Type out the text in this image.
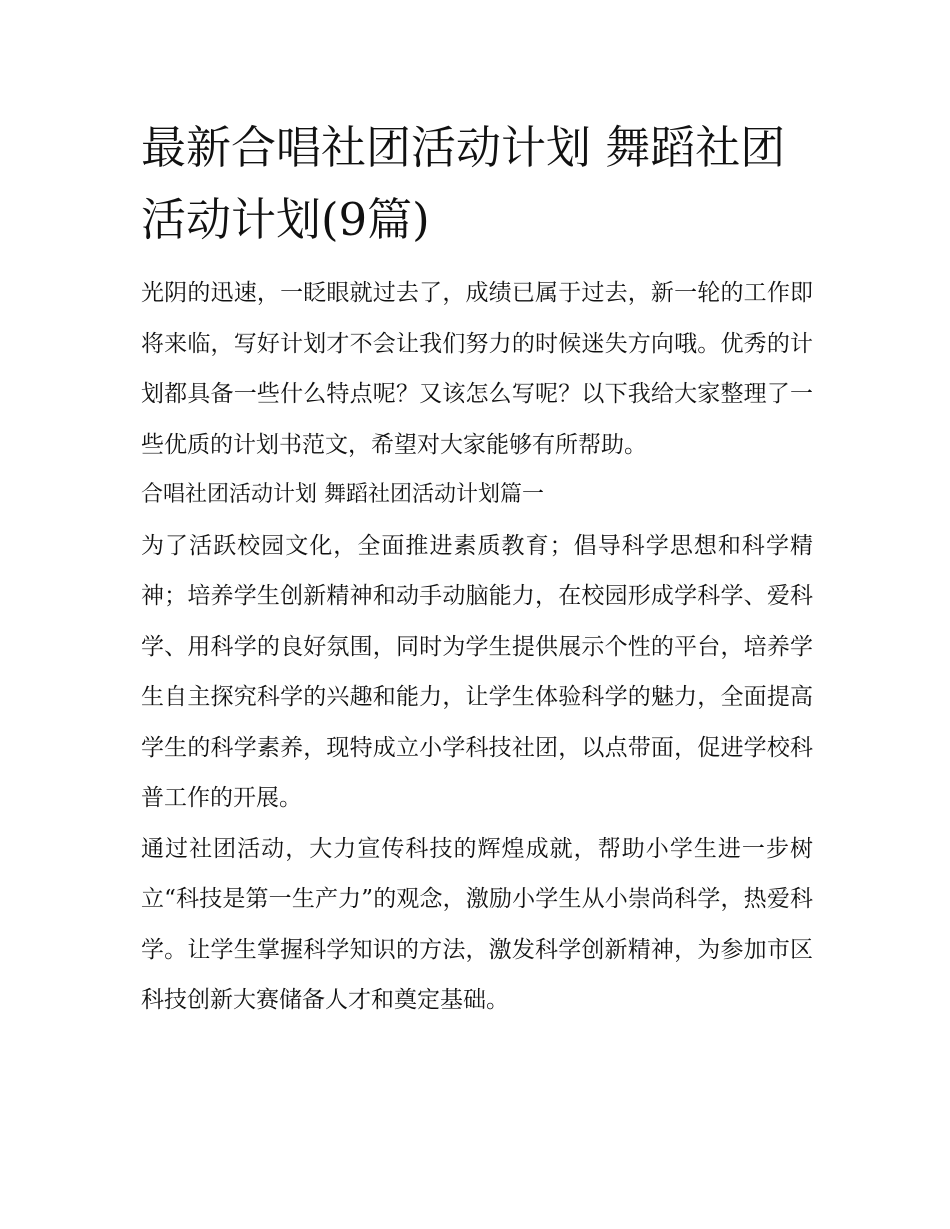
最新合唱社团活动计划 舞蹈社团活动计划(9篇)

光阴的迅速，一眨眼就过去了，成绩已属于过去，新一轮的工作即将来临，写好计划才不会让我们努力的时候迷失方向哦。优秀的计划都具备一些什么特点呢？又该怎么写呢？以下我给大家整理了一些优质的计划书范文，希望对大家能够有所帮助。

合唱社团活动计划 舞蹈社团活动计划篇一

为了活跃校园文化，全面推进素质教育；倡导科学思想和科学精神；培养学生创新精神和动手动脑能力，在校园形成学科学、爱科学、用科学的良好氛围，同时为学生提供展示个性的平台，培养学生自主探究科学的兴趣和能力，让学生体验科学的魅力，全面提高学生的科学素养，现特成立小学科技社团，以点带面，促进学校科普工作的开展。

通过社团活动，大力宣传科技的辉煌成就，帮助小学生进一步树立“科技是第一生产力”的观念，激励小学生从小崇尚科学，热爱科学。让学生掌握科学知识的方法，激发科学创新精神，为参加市区科技创新大赛储备人才和奠定基础。
